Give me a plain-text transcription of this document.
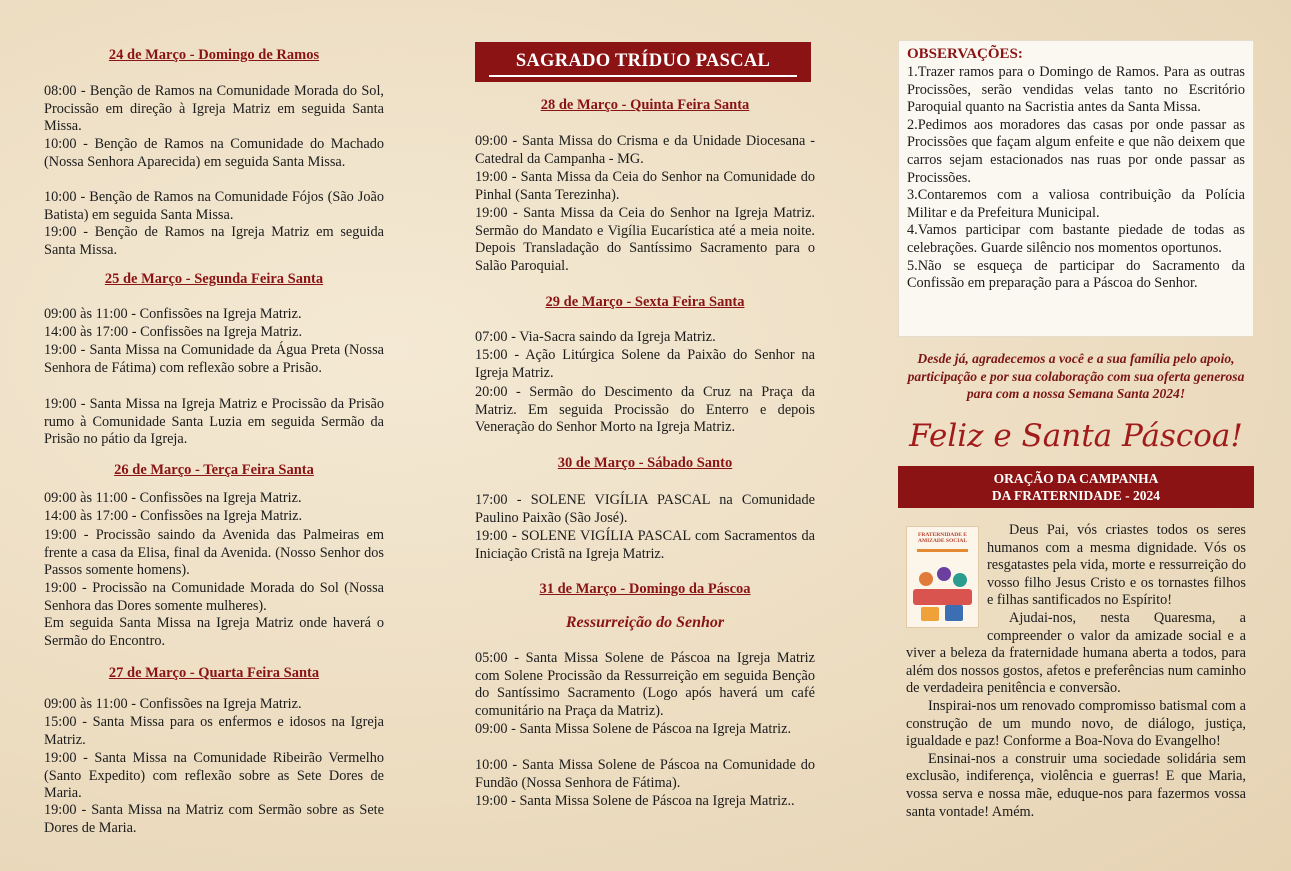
24 de Março - Domingo de Ramos

08:00 - Benção de Ramos na Comunidade Morada do Sol, Procissão em direção à Igreja Matriz em seguida Santa Missa.

10:00 - Benção de Ramos na Comunidade do Machado (Nossa Senhora Aparecida) em seguida Santa Missa.

10:00 - Benção de Ramos na Comunidade Fójos (São João Batista) em seguida Santa Missa.

19:00 - Benção de Ramos na Igreja Matriz em seguida Santa Missa.

25 de Março - Segunda Feira Santa

09:00 às 11:00 - Confissões na Igreja Matriz.

14:00 às 17:00 - Confissões na Igreja Matriz.

19:00 - Santa Missa na Comunidade da Água Preta (Nossa Senhora de Fátima) com reflexão sobre a Prisão.

19:00 - Santa Missa na Igreja Matriz e Procissão da Prisão rumo à Comunidade Santa Luzia em seguida Sermão da Prisão no pátio da Igreja.

26 de Março - Terça Feira Santa

09:00 às 11:00 - Confissões na Igreja Matriz.

14:00 às 17:00 - Confissões na Igreja Matriz.

19:00 - Procissão saindo da Avenida das Palmeiras em frente a casa da Elisa, final da Avenida. (Nosso Senhor dos Passos somente homens).

19:00 - Procissão na Comunidade Morada do Sol (Nossa Senhora das Dores somente mulheres).

Em seguida Santa Missa na Igreja Matriz onde haverá o Sermão do Encontro.

27 de Março - Quarta Feira Santa

09:00 às 11:00 - Confissões na Igreja Matriz.

15:00 - Santa Missa para os enfermos e idosos na Igreja Matriz.

19:00 - Santa Missa na Comunidade Ribeirão Vermelho (Santo Expedito) com reflexão sobre as Sete Dores de Maria.

19:00 - Santa Missa na Matriz com Sermão sobre as Sete Dores de Maria.

SAGRADO TRÍDUO PASCAL
28 de Março - Quinta Feira Santa

09:00 - Santa Missa do Crisma e da Unidade Diocesana - Catedral da Campanha - MG.

19:00 - Santa Missa da Ceia do Senhor na Comunidade do Pinhal (Santa Terezinha).

19:00 - Santa Missa da Ceia do Senhor na Igreja Matriz. Sermão do Mandato e Vigília Eucarística até a meia noite. Depois Transladação do Santíssimo Sacramento para o Salão Paroquial.

29 de Março - Sexta Feira Santa

07:00 - Via-Sacra saindo da Igreja Matriz.

15:00 - Ação Litúrgica Solene da Paixão do Senhor na Igreja Matriz.

20:00 - Sermão do Descimento da Cruz na Praça da Matriz. Em seguida Procissão do Enterro e depois Veneração do Senhor Morto na Igreja Matriz.

30 de Março - Sábado Santo

17:00 - SOLENE VIGÍLIA PASCAL na Comunidade Paulino Paixão (São José).

19:00 - SOLENE VIGÍLIA PASCAL com Sacramentos da Iniciação Cristã na Igreja Matriz.

31 de Março - Domingo da Páscoa
Ressurreição do Senhor

05:00 - Santa Missa Solene de Páscoa na Igreja Matriz com Solene Procissão da Ressurreição em seguida Benção do Santíssimo Sacramento (Logo após haverá um café comunitário na Praça da Matriz).

09:00 - Santa Missa Solene de Páscoa na Igreja Matriz.

10:00 - Santa Missa Solene de Páscoa na Comunidade do Fundão (Nossa Senhora de Fátima).

19:00 - Santa Missa Solene de Páscoa na Igreja Matriz..

OBSERVAÇÕES:

1.Trazer ramos para o Domingo de Ramos. Para as outras Procissões, serão vendidas velas tanto no Escritório Paroquial quanto na Sacristia antes da Santa Missa.

2.Pedimos aos moradores das casas por onde passar as Procissões que façam algum enfeite e que não deixem que carros sejam estacionados nas ruas por onde passar as Procissões.

3.Contaremos com a valiosa contribuição da Polícia Militar e da Prefeitura Municipal.

4.Vamos participar com bastante piedade de todas as celebrações. Guarde silêncio nos momentos oportunos.

5.Não se esqueça de participar do Sacramento da Confissão em preparação para a Páscoa do Senhor.

Desde já, agradecemos a você e a sua família pelo apoio, participação e por sua colaboração com sua oferta generosa para com a nossa Semana Santa 2024!
Feliz e Santa Páscoa!
ORAÇÃO DA CAMPANHA
DA FRATERNIDADE - 2024
FRATERNIDADE E AMIZADE SOCIAL

Deus Pai, vós criastes todos os seres humanos com a mesma dignidade. Vós os resgatastes pela vida, morte e ressurreição do vosso filho Jesus Cristo e os tornastes filhos e filhas santificados no Espírito!

Ajudai-nos, nesta Quaresma, a compreender o valor da amizade social e a viver a beleza da fraternidade humana aberta a todos, para além dos nossos gostos, afetos e preferências num caminho de verdadeira penitência e conversão.

Inspirai-nos um renovado compromisso batismal com a construção de um mundo novo, de diálogo, justiça, igualdade e paz! Conforme a Boa-Nova do Evangelho!

Ensinai-nos a construir uma sociedade solidária sem exclusão, indiferença, violência e guerras! E que Maria, vossa serva e nossa mãe, eduque-nos para fazermos vossa santa vontade! Amém.
